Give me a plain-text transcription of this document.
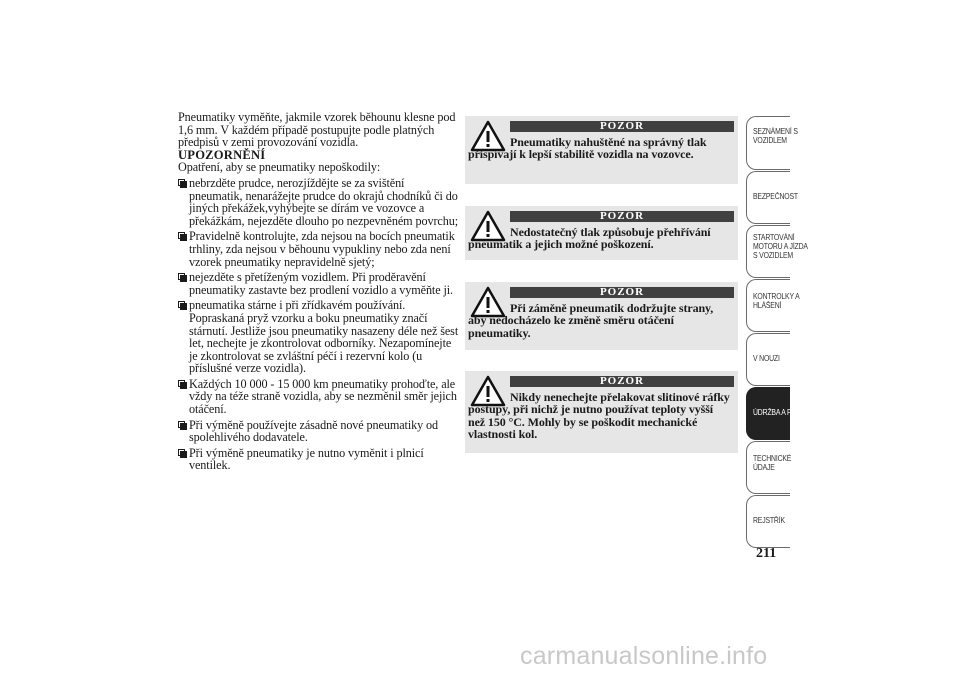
Pneumatiky vyměňte, jakmile vzorek běhounu klesne pod 1,6 mm. V každém případě postupujte podle platných předpisů v zemi provozování vozidla.

UPOZORNĚNÍ

Opatření, aby se pneumatiky nepoškodily:

nebrzděte prudce, nerozjíždějte se za svištění pneumatik, nenarážejte prudce do okrajů chodníků či do jiných překážek,vyhýbejte se dírám ve vozovce a překážkám, nejezděte dlouho po nezpevněném povrchu;
Pravidelně kontrolujte, zda nejsou na bocích pneumatik trhliny, zda nejsou v běhounu vypukliny nebo zda není vzorek pneumatiky nepravidelně sjetý;
nejezděte s přetíženým vozidlem. Při proděravění pneumatiky zastavte bez prodlení vozidlo a vyměňte ji.
pneumatika stárne i při zřídkavém používání. Popraskaná pryž vzorku a boku pneumatiky značí stárnutí. Jestliže jsou pneumatiky nasazeny déle než šest let, nechejte je zkontrolovat odborníky. Nezapomínejte je zkontrolovat se zvláštní péčí i rezervní kolo (u příslušné verze vozidla).
Každých 10 000 - 15 000 km pneumatiky prohoďte, ale vždy na téže straně vozidla, aby se nezměnil směr jejich otáčení.
Při výměně používejte zásadně nové pneumatiky od spolehlivého dodavatele.
Při výměně pneumatiky je nutno vyměnit i plnicí ventilek.
POZOR
Pneumatiky nahuštěné na správný tlak přispívají k lepší stabilitě vozidla na vozovce.
POZOR
Nedostatečný tlak způsobuje přehřívání pneumatik a jejich možné poškození.
POZOR
Při záměně pneumatik dodržujte strany, aby nedocházelo ke změně směru otáčení pneumatiky.
POZOR
Nikdy nenechejte přelakovat slitinové ráfky postupy, při nichž je nutno používat teploty vyšší než 150 °C. Mohly by se poškodit mechanické vlastnosti kol.
SEZNÁMENÍ S
VOZIDLEM
BEZPEČNOST
STARTOVÁNÍ
MOTORU A JÍZDA
S VOZIDLEM
KONTROLKY A
HLÁŠENÍ
V NOUZI
ÚDRŽBA A PÉČE
TECHNICKÉ
ÚDAJE
REJSTŘÍK
211
carmanualsonline.info
